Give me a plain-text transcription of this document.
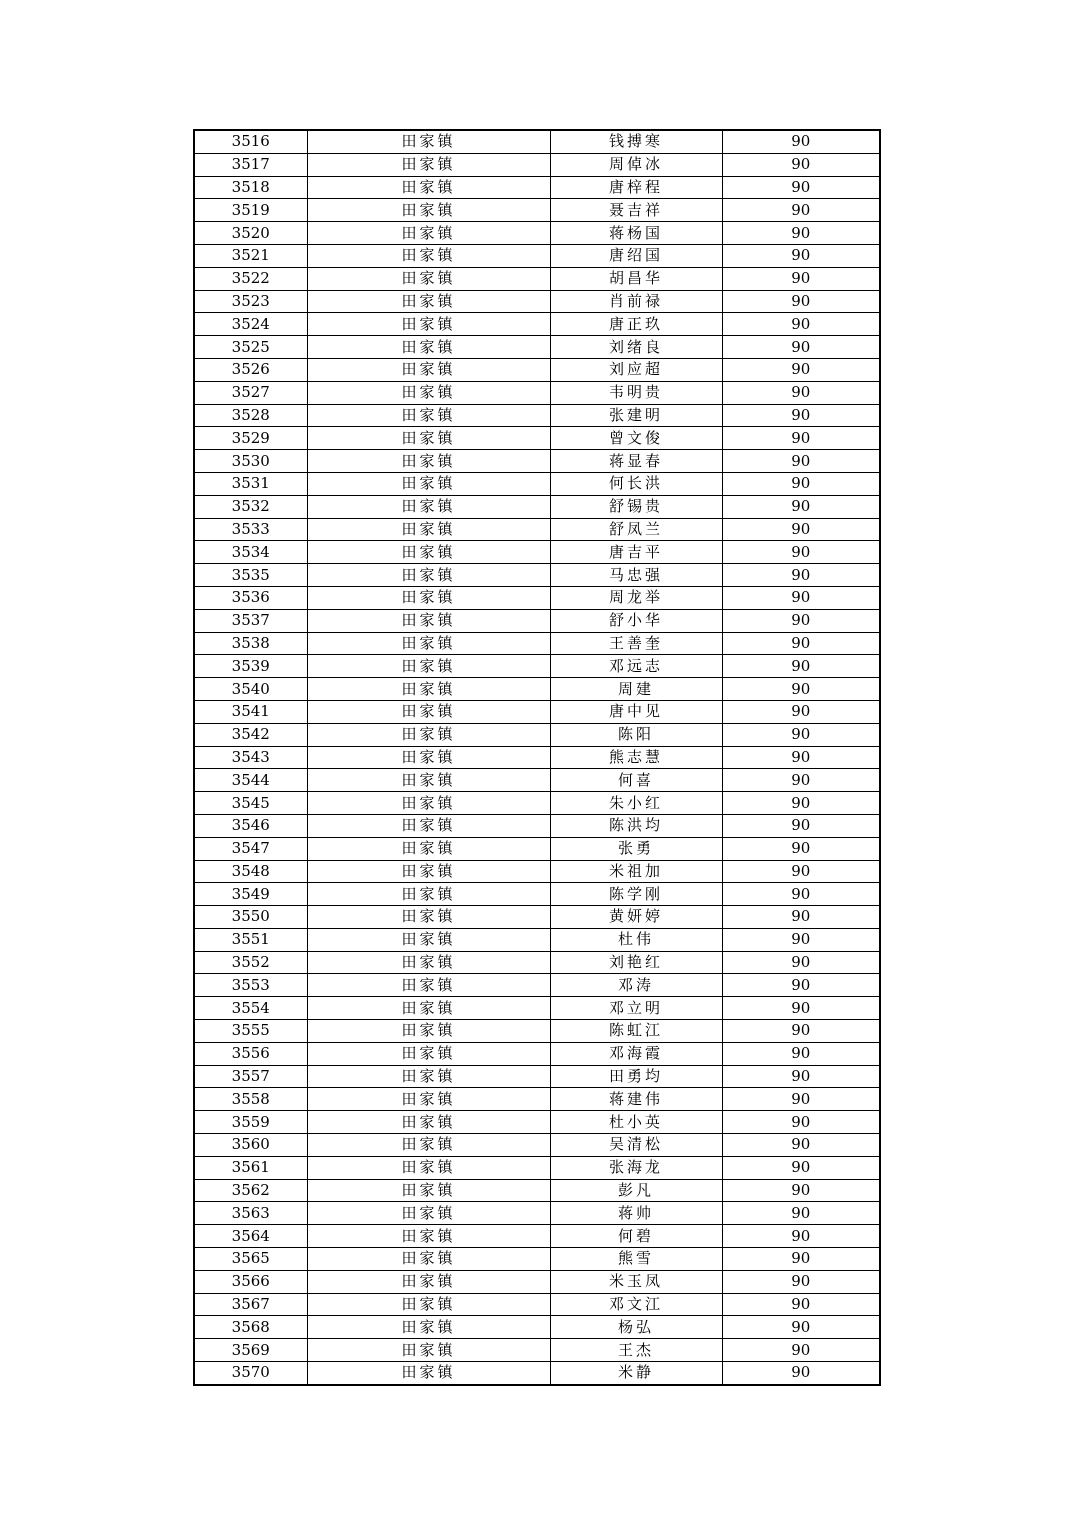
3516	田家镇	钱搏寒	90
3517	田家镇	周倬冰	90
3518	田家镇	唐梓程	90
3519	田家镇	聂吉祥	90
3520	田家镇	蒋杨国	90
3521	田家镇	唐绍国	90
3522	田家镇	胡昌华	90
3523	田家镇	肖前禄	90
3524	田家镇	唐正玖	90
3525	田家镇	刘绪良	90
3526	田家镇	刘应超	90
3527	田家镇	韦明贵	90
3528	田家镇	张建明	90
3529	田家镇	曾文俊	90
3530	田家镇	蒋显春	90
3531	田家镇	何长洪	90
3532	田家镇	舒锡贵	90
3533	田家镇	舒凤兰	90
3534	田家镇	唐吉平	90
3535	田家镇	马忠强	90
3536	田家镇	周龙举	90
3537	田家镇	舒小华	90
3538	田家镇	王善奎	90
3539	田家镇	邓远志	90
3540	田家镇	周建	90
3541	田家镇	唐中见	90
3542	田家镇	陈阳	90
3543	田家镇	熊志慧	90
3544	田家镇	何喜	90
3545	田家镇	朱小红	90
3546	田家镇	陈洪均	90
3547	田家镇	张勇	90
3548	田家镇	米祖加	90
3549	田家镇	陈学刚	90
3550	田家镇	黄妍婷	90
3551	田家镇	杜伟	90
3552	田家镇	刘艳红	90
3553	田家镇	邓涛	90
3554	田家镇	邓立明	90
3555	田家镇	陈虹江	90
3556	田家镇	邓海霞	90
3557	田家镇	田勇均	90
3558	田家镇	蒋建伟	90
3559	田家镇	杜小英	90
3560	田家镇	吴清松	90
3561	田家镇	张海龙	90
3562	田家镇	彭凡	90
3563	田家镇	蒋帅	90
3564	田家镇	何碧	90
3565	田家镇	熊雪	90
3566	田家镇	米玉凤	90
3567	田家镇	邓文江	90
3568	田家镇	杨弘	90
3569	田家镇	王杰	90
3570	田家镇	米静	90
